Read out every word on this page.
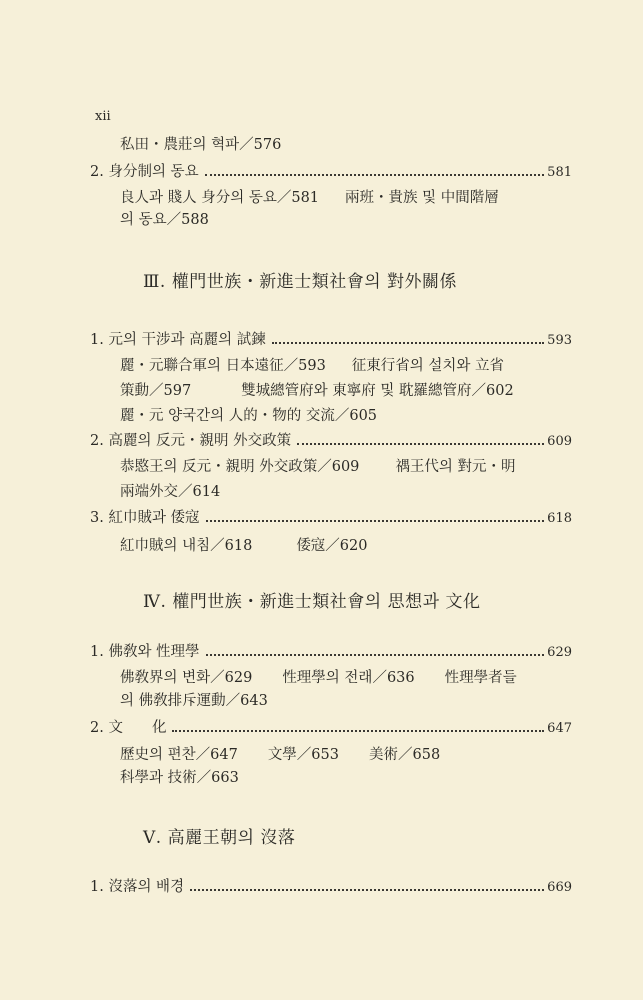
xii
私田・農莊의 혁파／576
2. 身分制의 동요	581
良人과 賤人 身分의 동요／581 兩班・貴族 및 中間階層
의 동요／588
Ⅲ. 權門世族・新進士類社會의 對外關係
1. 元의 干涉과 高麗의 試鍊	593
麗・元聯合軍의 日本遠征／593 征東行省의 설치와 立省
策動／597	雙城總管府와 東寧府 및 耽羅總管府／602
麗・元 양국간의 人的・物的 交流／605
2. 高麗의 反元・親明 外交政策	609
恭愍王의 反元・親明 外交政策／609 禑王代의 對元・明
兩端外交／614
3. 紅巾賊과 倭寇	618
紅巾賊의 내침／618	倭寇／620
Ⅳ. 權門世族・新進士類社會의 思想과 文化
1. 佛敎와 性理學	629
佛敎界의 변화／629 性理學의 전래／636 性理學者들
의 佛敎排斥運動／643
2. 文　　化	647
歷史의 편찬／647 文學／653 美術／658
科學과 技術／663
Ⅴ. 高麗王朝의 沒落
1. 沒落의 배경	669
